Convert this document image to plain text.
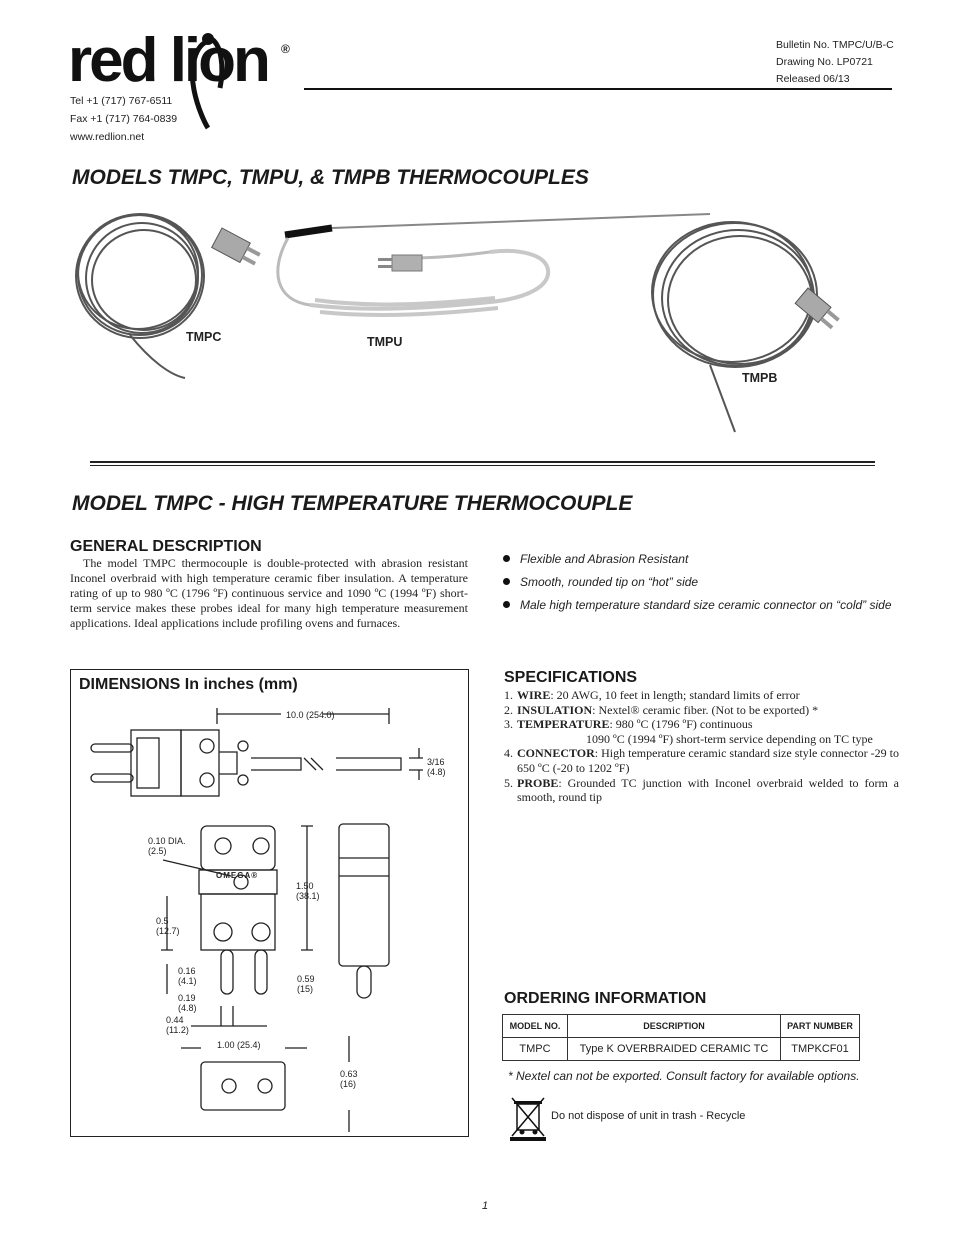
red lion ®
Tel +1 (717) 767-6511
Fax +1 (717) 764-0839
www.redlion.net
Bulletin No. TMPC/U/B-C
Drawing No. LP0721
Released 06/13
MODELS TMPC, TMPU, & TMPB THERMOCOUPLES
TMPC	TMPU
TMPB
MODEL TMPC - HIGH TEMPERATURE THERMOCOUPLE
GENERAL DESCRIPTION
The model TMPC thermocouple is double-protected with abrasion resistant Inconel overbraid with high temperature ceramic fiber insulation. A temperature rating of up to 980 ºC (1796 ºF) continuous service and 1090 ºC (1994 ºF) short-term service makes these probes ideal for many high temperature measurement applications. Ideal applications include profiling ovens and furnaces.
Flexible and Abrasion Resistant
Smooth, rounded tip on “hot” side
Male high temperature standard size ceramic connector on “cold” side
DIMENSIONS In inches (mm)
10.0 (254.0)
3/16
(4.8)
0.10 DIA.
(2.5)
OMEGA®
1.50
(38.1)
0.5
(12.7)
0.16
(4.1)	0.59
(15)
0.19
(4.8)
0.44
(11.2)
1.00 (25.4)
0.63
(16)
SPECIFICATIONS
1. WIRE: 20 AWG, 10 feet in length; standard limits of error
2. INSULATION: Nextel® ceramic fiber. (Not to be exported) *
3. TEMPERATURE: 980 ºC (1796 ºF) continuous
1090 ºC (1994 ºF) short-term service depending on TC type
4. CONNECTOR: High temperature ceramic standard size style connector -29 to 650 ºC (-20 to 1202 ºF)
5. PROBE: Grounded TC junction with Inconel overbraid welded to form a smooth, round tip
ORDERING INFORMATION
MODEL NO.	DESCRIPTION	PART NUMBER
TMPC	Type K OVERBRAIDED CERAMIC TC	TMPKCF01
* Nextel can not be exported. Consult factory for available options.
Do not dispose of unit in trash - Recycle
1
